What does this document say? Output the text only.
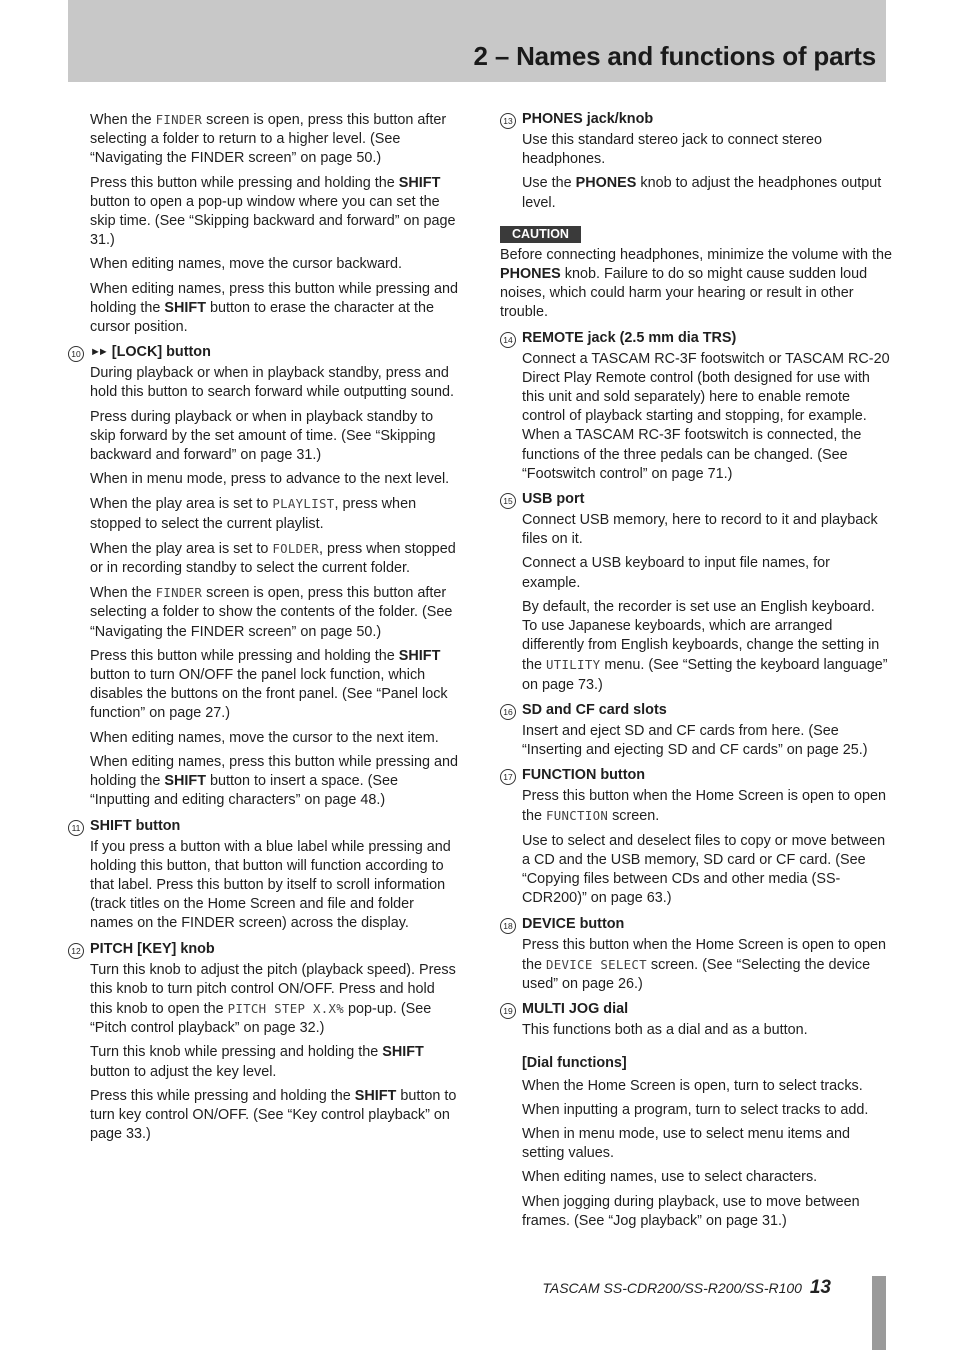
2 – Names and functions of parts

When the FINDER screen is open, press this button after selecting a folder to return to a higher level. (See “Navigating the FINDER screen” on page 50.)

Press this button while pressing and holding the SHIFT button to open a pop-up window where you can set the skip time. (See “Skipping backward and forward” on page 31.)

When editing names, move the cursor backward.

When editing names, press this button while pressing and holding the SHIFT button to erase the character at the cursor position.

10 ►► [LOCK] button

During playback or when in playback standby, press and hold this button to search forward while outputting sound.

Press during playback or when in playback standby to skip forward by the set amount of time. (See “Skipping backward and forward” on page 31.)

When in menu mode, press to advance to the next level.

When the play area is set to PLAYLIST, press when stopped to select the current playlist.

When the play area is set to FOLDER, press when stopped or in recording standby to select the current folder.

When the FINDER screen is open, press this button after selecting a folder to show the contents of the folder. (See “Navigating the FINDER screen” on page 50.)

Press this button while pressing and holding the SHIFT button to turn ON/OFF the panel lock function, which disables the buttons on the front panel. (See “Panel lock function” on page 27.)

When editing names, move the cursor to the next item.

When editing names, press this button while pressing and holding the SHIFT button to insert a space. (See “Inputting and editing characters” on page 48.)

11 SHIFT button

If you press a button with a blue label while pressing and holding this button, that button will function according to that label. Press this button by itself to scroll information (track titles on the Home Screen and file and folder names on the FINDER screen) across the display.

12 PITCH [KEY] knob

Turn this knob to adjust the pitch (playback speed). Press this knob to turn pitch control ON/OFF. Press and hold this knob to open the PITCH STEP X.X% pop-up. (See “Pitch control playback” on page 32.)

Turn this knob while pressing and holding the SHIFT button to adjust the key level.

Press this while pressing and holding the SHIFT button to turn key control ON/OFF. (See “Key control playback” on page 33.)

13 PHONES jack/knob

Use this standard stereo jack to connect stereo headphones.

Use the PHONES knob to adjust the headphones output level.

CAUTION

Before connecting headphones, minimize the volume with the PHONES knob. Failure to do so might cause sudden loud noises, which could harm your hearing or result in other trouble.

14 REMOTE jack (2.5 mm dia TRS)

Connect a TASCAM RC-3F footswitch or TASCAM RC-20 Direct Play Remote control (both designed for use with this unit and sold separately) here to enable remote control of playback starting and stopping, for example. When a TASCAM RC-3F footswitch is connected, the functions of the three pedals can be changed. (See “Footswitch control” on page 71.)

15 USB port

Connect USB memory, here to record to it and playback files on it.

Connect a USB keyboard to input file names, for example.

By default, the recorder is set use an English keyboard. To use Japanese keyboards, which are arranged differently from English keyboards, change the setting in the UTILITY menu. (See “Setting the keyboard language” on page 73.)

16 SD and CF card slots

Insert and eject SD and CF cards from here. (See “Inserting and ejecting SD and CF cards” on page 25.)

17 FUNCTION button

Press this button when the Home Screen is open to open the FUNCTION screen.

Use to select and deselect files to copy or move between a CD and the USB memory, SD card or CF card. (See “Copying files between CDs and other media (SS-CDR200)” on page 63.)

18 DEVICE button

Press this button when the Home Screen is open to open the DEVICE SELECT screen. (See “Selecting the device used” on page 26.)

19 MULTI JOG dial

This functions both as a dial and as a button.

[Dial functions]

When the Home Screen is open, turn to select tracks.

When inputting a program, turn to select tracks to add.

When in menu mode, use to select menu items and setting values.

When editing names, use to select characters.

When jogging during playback, use to move between frames. (See “Jog playback” on page 31.)

TASCAM SS-CDR200/SS-R200/SS-R100 13
